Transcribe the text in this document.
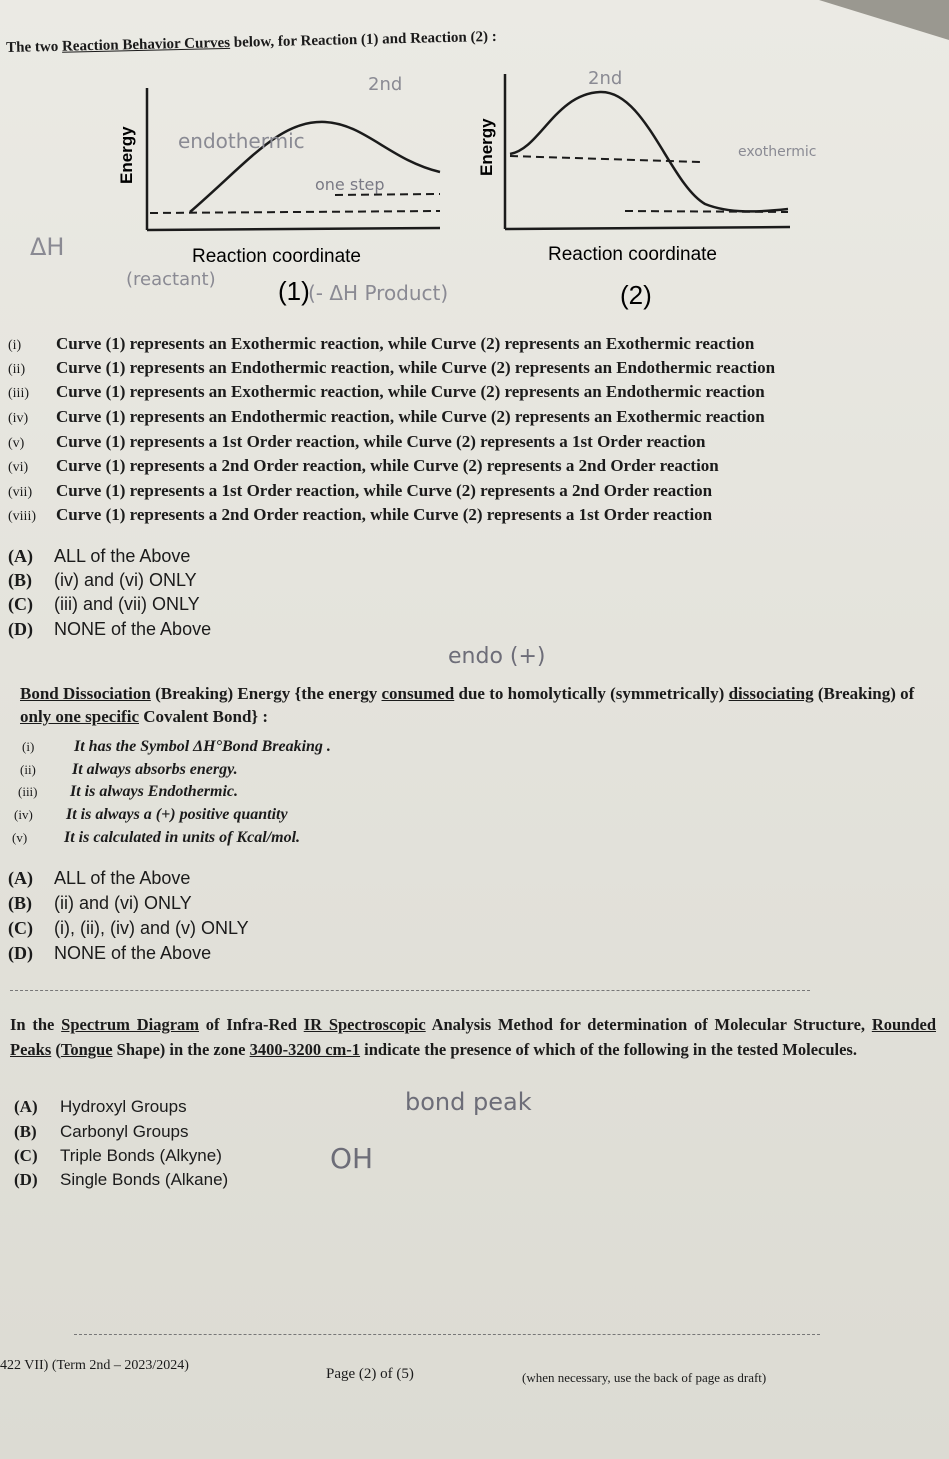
The two Reaction Behavior Curves below, for Reaction (1) and Reaction (2) :
Energy
Reaction coordinate
(1)
endothermic
one step
2nd
ΔH
(reactant)
(- ΔH Product)
Energy
Reaction coordinate
(2)
2nd
exothermic
(i) Curve (1) represents an Exothermic reaction, while Curve (2) represents an Exothermic reaction
(ii) Curve (1) represents an Endothermic reaction, while Curve (2) represents an Endothermic reaction
(iii) Curve (1) represents an Exothermic reaction, while Curve (2) represents an Endothermic reaction
(iv) Curve (1) represents an Endothermic reaction, while Curve (2) represents an Exothermic reaction
(v) Curve (1) represents a 1st Order reaction, while Curve (2) represents a 1st Order reaction
(vi) Curve (1) represents a 2nd Order reaction, while Curve (2) represents a 2nd Order reaction
(vii) Curve (1) represents a 1st Order reaction, while Curve (2) represents a 2nd Order reaction
(viii) Curve (1) represents a 2nd Order reaction, while Curve (2) represents a 1st Order reaction
(A) ALL of the Above
(B) (iv) and (vi) ONLY
(C) (iii) and (vii) ONLY
(D) NONE of the Above
endo (+)
Bond Dissociation (Breaking) Energy {the energy consumed due to homolytically (symmetrically) dissociating (Breaking) of only one specific Covalent Bond} :
(i) It has the Symbol ΔH°Bond Breaking .
(ii) It always absorbs energy.
(iii) It is always Endothermic.
(iv) It is always a (+) positive quantity
(v) It is calculated in units of Kcal/mol.
(A) ALL of the Above
(B) (ii) and (vi) ONLY
(C) (i), (ii), (iv) and (v) ONLY
(D) NONE of the Above
In the Spectrum Diagram of Infra-Red IR Spectroscopic Analysis Method for determination of Molecular Structure, Rounded Peaks (Tongue Shape) in the zone 3400-3200 cm-1 indicate the presence of which of the following in the tested Molecules.
(A) Hydroxyl Groups
(B) Carbonyl Groups
(C) Triple Bonds (Alkyne)
(D) Single Bonds (Alkane)
bond peak
OH
422 VII) (Term 2nd – 2023/2024)
Page (2) of (5)	(when necessary, use the back of page as draft)
